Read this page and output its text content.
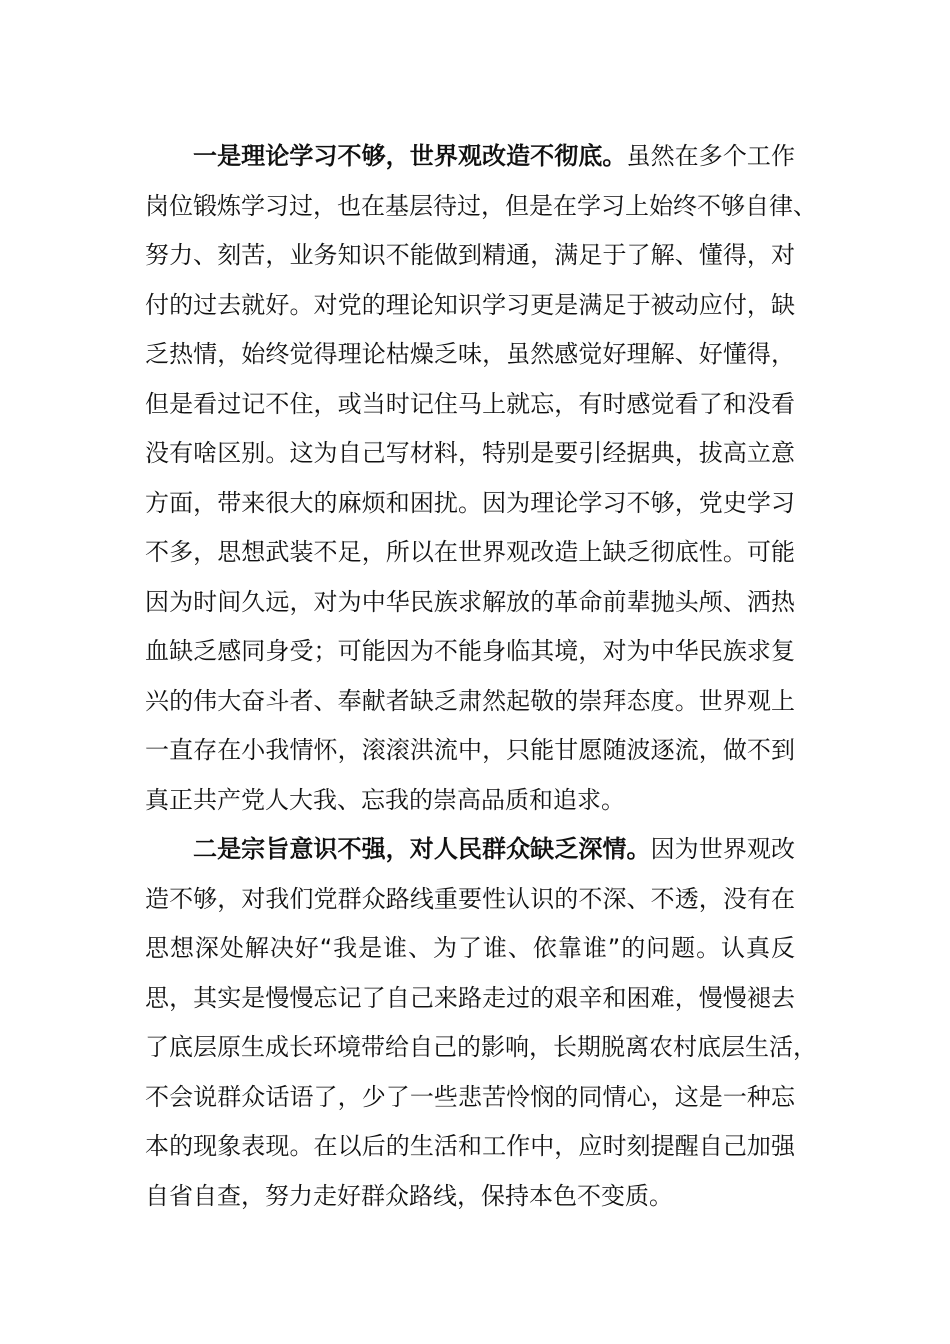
一是理论学习不够，世界观改造不彻底。虽然在多个工作
岗位锻炼学习过，也在基层待过，但是在学习上始终不够自律、
努力、刻苦，业务知识不能做到精通，满足于了解、懂得，对
付的过去就好。对党的理论知识学习更是满足于被动应付，缺
乏热情，始终觉得理论枯燥乏味，虽然感觉好理解、好懂得，
但是看过记不住，或当时记住马上就忘，有时感觉看了和没看
没有啥区别。这为自己写材料，特别是要引经据典，拔高立意
方面，带来很大的麻烦和困扰。因为理论学习不够，党史学习
不多，思想武装不足，所以在世界观改造上缺乏彻底性。可能
因为时间久远，对为中华民族求解放的革命前辈抛头颅、洒热
血缺乏感同身受；可能因为不能身临其境，对为中华民族求复
兴的伟大奋斗者、奉献者缺乏肃然起敬的崇拜态度。世界观上
一直存在小我情怀，滚滚洪流中，只能甘愿随波逐流，做不到
真正共产党人大我、忘我的崇高品质和追求。
二是宗旨意识不强，对人民群众缺乏深情。因为世界观改
造不够，对我们党群众路线重要性认识的不深、不透，没有在
思想深处解决好“我是谁、为了谁、依靠谁”的问题。认真反
思，其实是慢慢忘记了自己来路走过的艰辛和困难，慢慢褪去
了底层原生成长环境带给自己的影响，长期脱离农村底层生活，
不会说群众话语了，少了一些悲苦怜悯的同情心，这是一种忘
本的现象表现。在以后的生活和工作中，应时刻提醒自己加强
自省自查，努力走好群众路线，保持本色不变质。
